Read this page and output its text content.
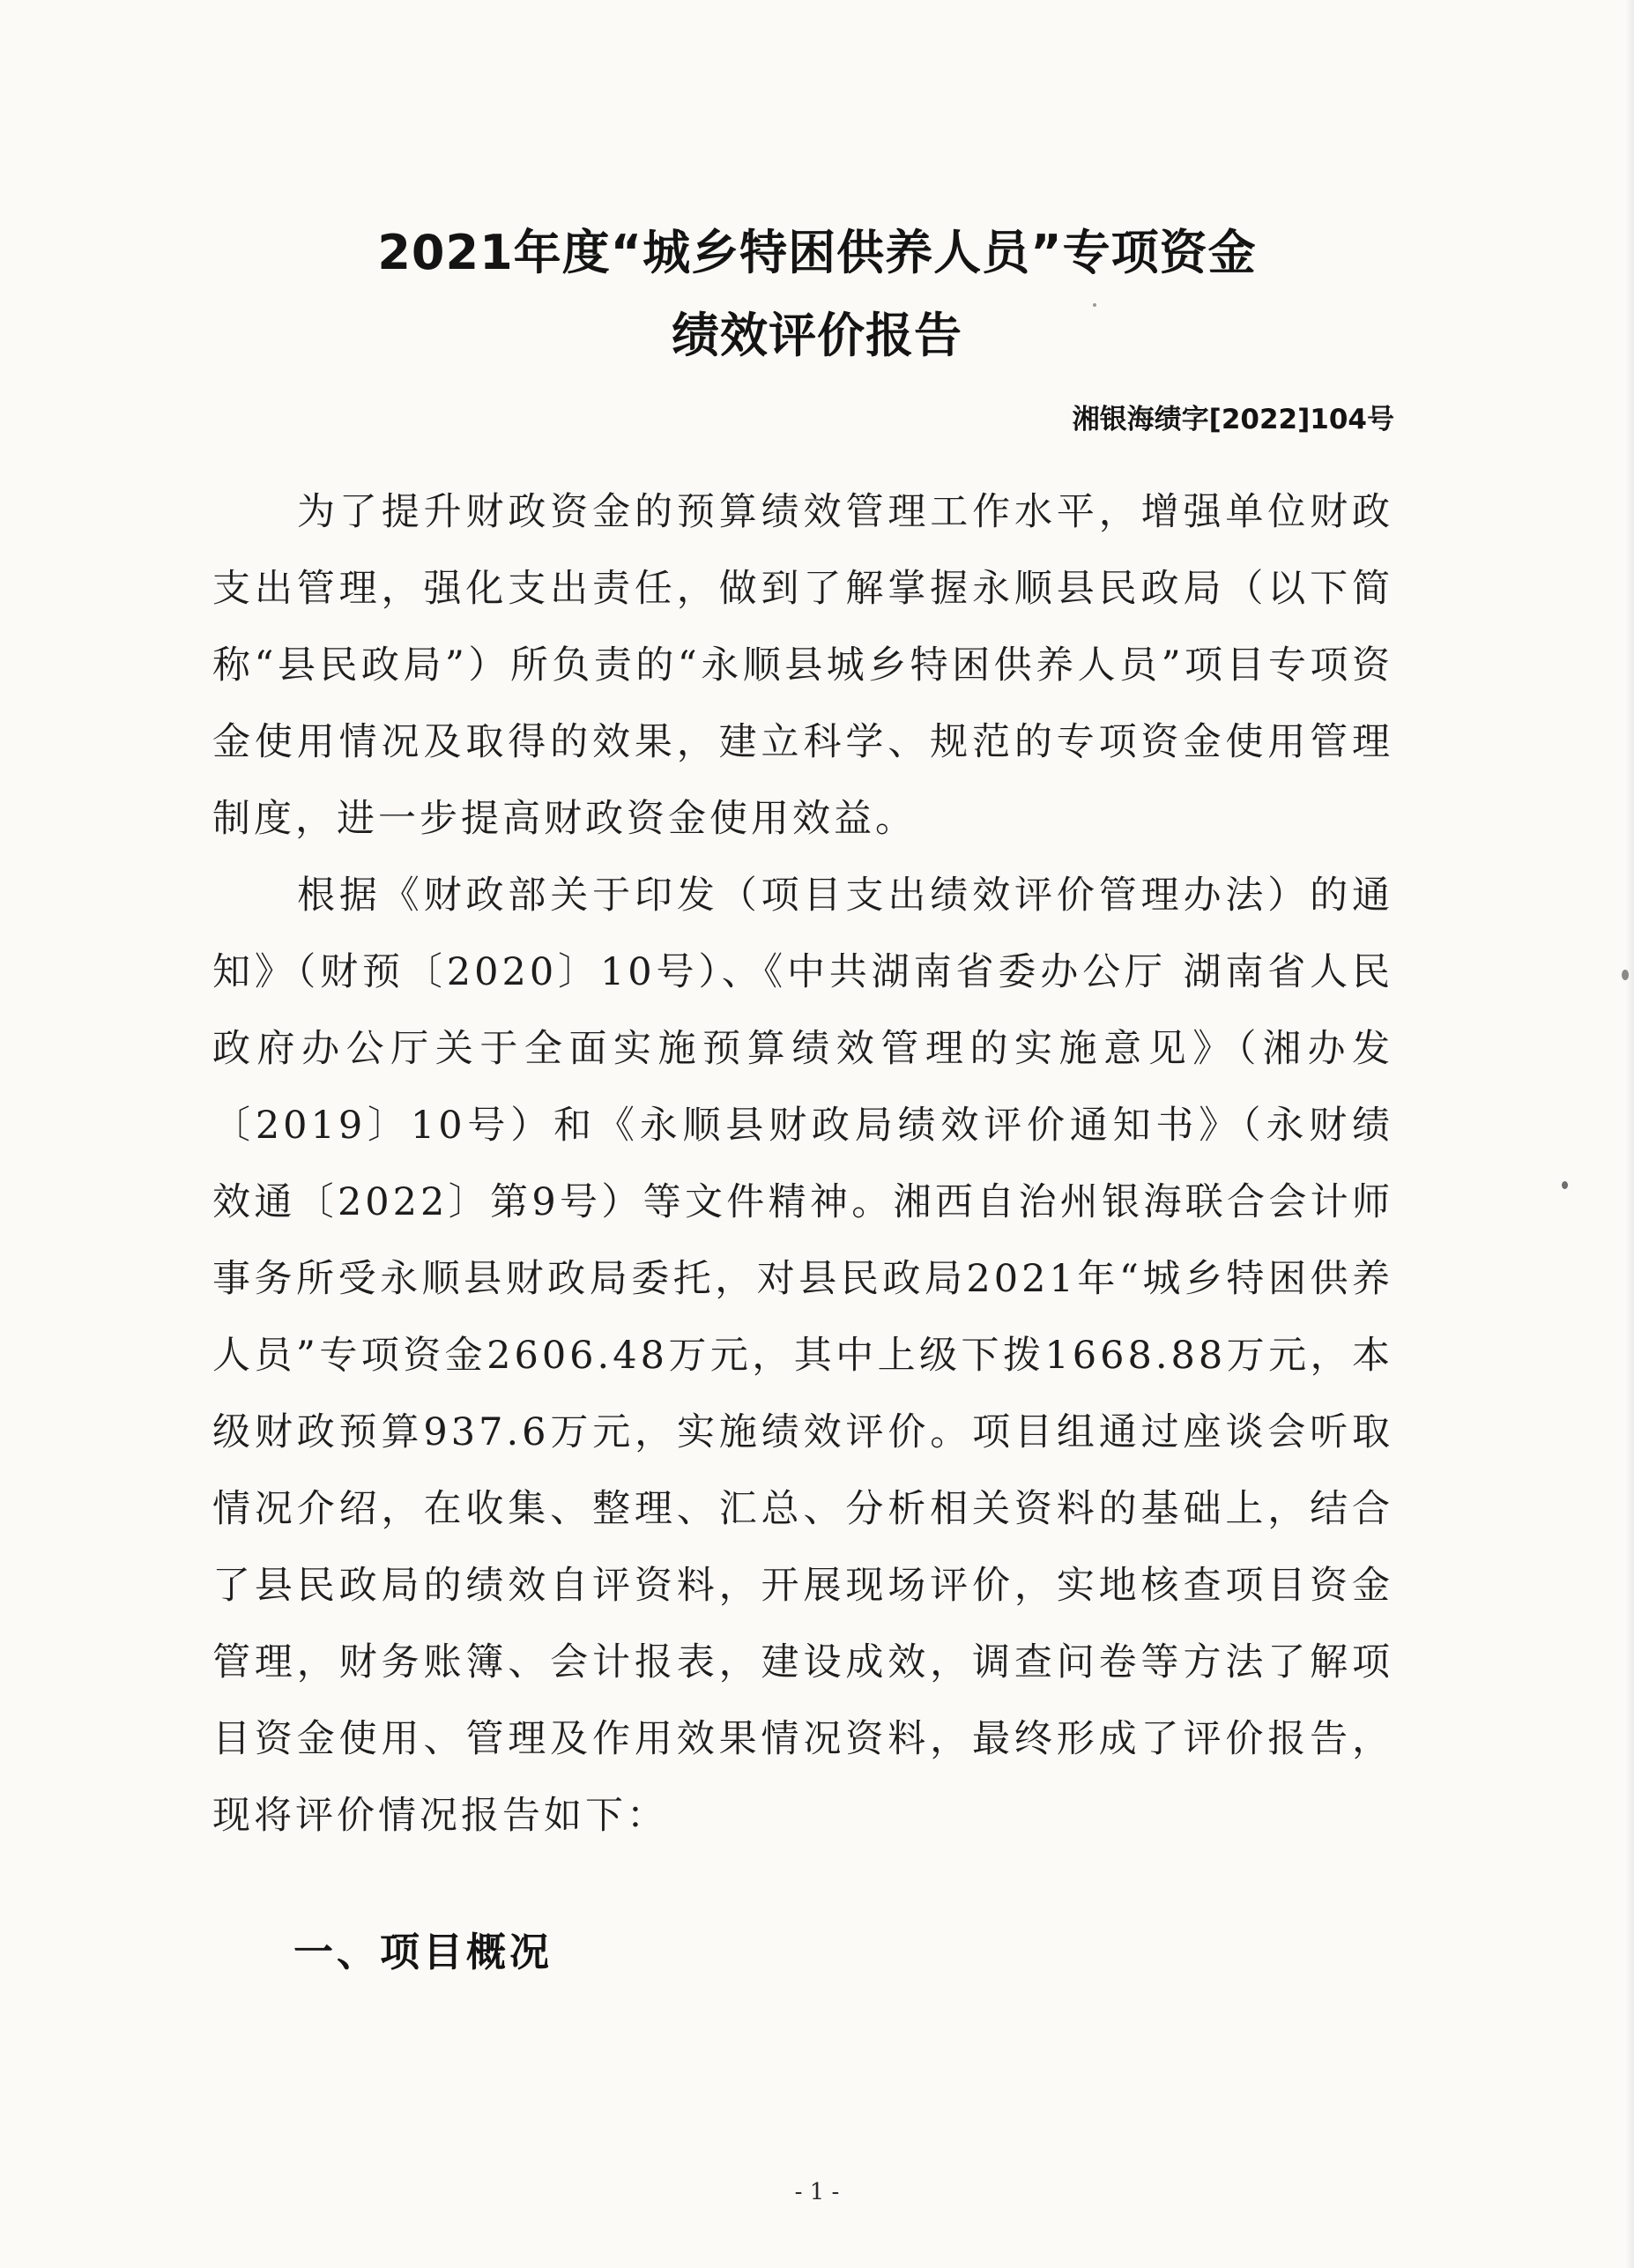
2021年度“城乡特困供养人员”专项资金
绩效评价报告
湘银海绩字[2022]104号

为了提升财政资金的预算绩效管理工作水平，增强单位财政支出管理，强化支出责任，做到了解掌握永顺县民政局（以下简称“县民政局”）所负责的“永顺县城乡特困供养人员”项目专项资金使用情况及取得的效果，建立科学、规范的专项资金使用管理制度，进一步提高财政资金使用效益。

根据《财政部关于印发（项目支出绩效评价管理办法）的通知》（财预〔2020〕10号）、《中共湖南省委办公厅 湖南省人民政府办公厅关于全面实施预算绩效管理的实施意见》（湘办发〔2019〕10号）和《永顺县财政局绩效评价通知书》（永财绩效通〔2022〕第9号）等文件精神。湘西自治州银海联合会计师事务所受永顺县财政局委托，对县民政局2021年“城乡特困供养人员”专项资金2606.48万元，其中上级下拨1668.88万元，本级财政预算937.6万元，实施绩效评价。项目组通过座谈会听取情况介绍，在收集、整理、汇总、分析相关资料的基础上，结合了县民政局的绩效自评资料，开展现场评价，实地核查项目资金管理，财务账簿、会计报表，建设成效，调查问卷等方法了解项目资金使用、管理及作用效果情况资料，最终形成了评价报告，现将评价情况报告如下：

一、项目概况
- 1 -
